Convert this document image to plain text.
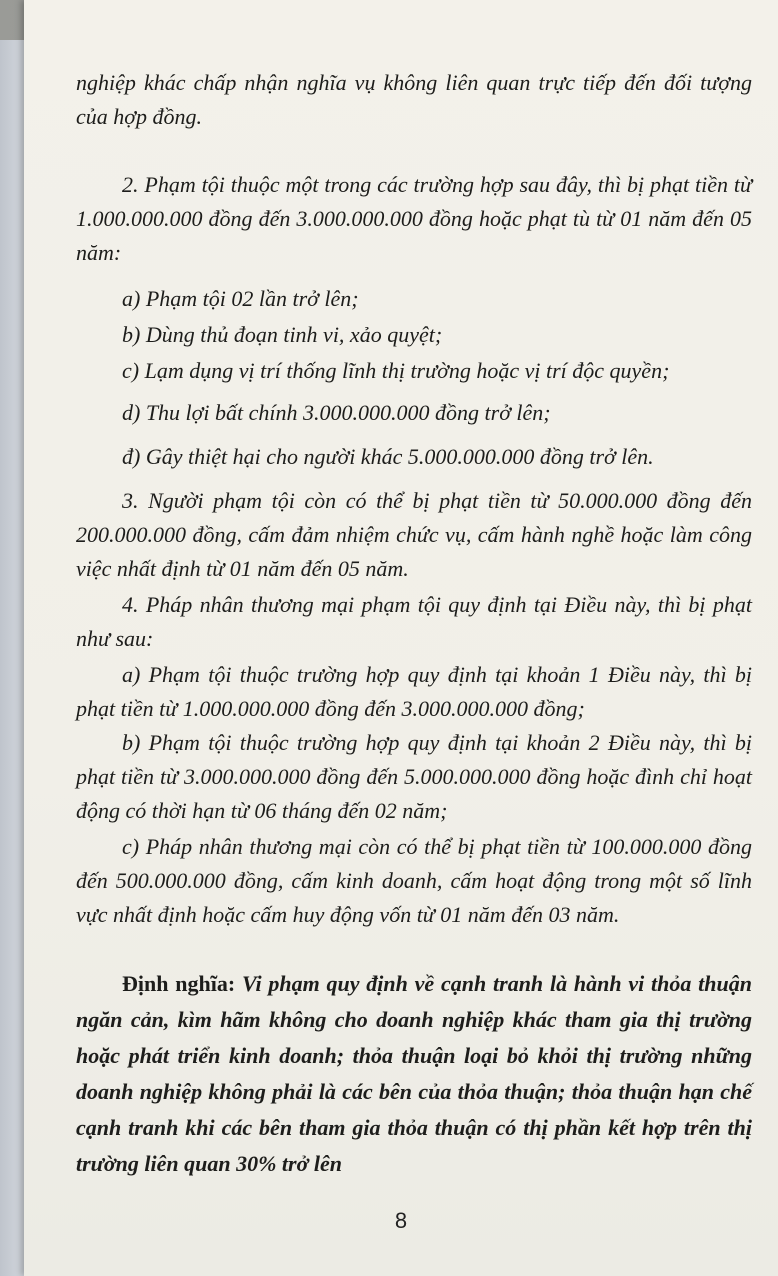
nghiệp khác chấp nhận nghĩa vụ không liên quan trực tiếp đến đối tượng của hợp đồng.
2. Phạm tội thuộc một trong các trường hợp sau đây, thì bị phạt tiền từ 1.000.000.000 đồng đến 3.000.000.000 đồng hoặc phạt tù từ 01 năm đến 05 năm:
a) Phạm tội 02 lần trở lên;
b) Dùng thủ đoạn tinh vi, xảo quyệt;
c) Lạm dụng vị trí thống lĩnh thị trường hoặc vị trí độc quyền;
d) Thu lợi bất chính 3.000.000.000 đồng trở lên;
đ) Gây thiệt hại cho người khác 5.000.000.000 đồng trở lên.
3. Người phạm tội còn có thể bị phạt tiền từ 50.000.000 đồng đến 200.000.000 đồng, cấm đảm nhiệm chức vụ, cấm hành nghề hoặc làm công việc nhất định từ 01 năm đến 05 năm.
4. Pháp nhân thương mại phạm tội quy định tại Điều này, thì bị phạt như sau:
a) Phạm tội thuộc trường hợp quy định tại khoản 1 Điều này, thì bị phạt tiền từ 1.000.000.000 đồng đến 3.000.000.000 đồng;
b) Phạm tội thuộc trường hợp quy định tại khoản 2 Điều này, thì bị phạt tiền từ 3.000.000.000 đồng đến 5.000.000.000 đồng hoặc đình chỉ hoạt động có thời hạn từ 06 tháng đến 02 năm;
c) Pháp nhân thương mại còn có thể bị phạt tiền từ 100.000.000 đồng đến 500.000.000 đồng, cấm kinh doanh, cấm hoạt động trong một số lĩnh vực nhất định hoặc cấm huy động vốn từ 01 năm đến 03 năm.
Định nghĩa: Vi phạm quy định về cạnh tranh là hành vi thỏa thuận ngăn cản, kìm hãm không cho doanh nghiệp khác tham gia thị trường hoặc phát triển kinh doanh; thỏa thuận loại bỏ khỏi thị trường những doanh nghiệp không phải là các bên của thỏa thuận; thỏa thuận hạn chế cạnh tranh khi các bên tham gia thỏa thuận có thị phần kết hợp trên thị trường liên quan 30% trở lên
8
